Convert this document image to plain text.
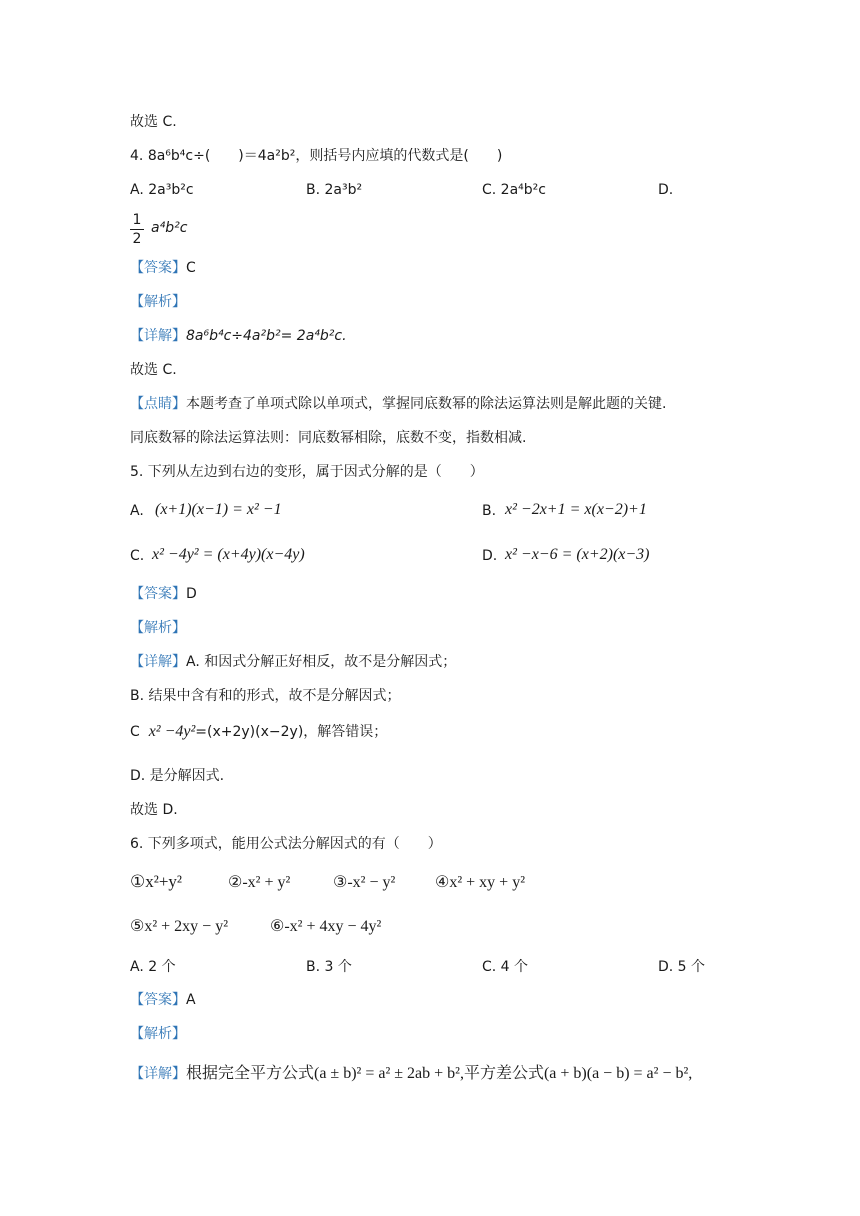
故选 C.
4. 8a⁶b⁴c÷(　　)＝4a²b²，则括号内应填的代数式是(　　)
A. 2a³b²c	B. 2a³b²	C. 2a⁴b²c	D.
1
2
a⁴b²c
【答案】C
【解析】
【详解】8a⁶b⁴c÷4a²b²= 2a⁴b²c.
故选 C.
【点睛】本题考查了单项式除以单项式，掌握同底数幂的除法运算法则是解此题的关键.
同底数幂的除法运算法则：同底数幂相除，底数不变，指数相减.
5. 下列从左边到右边的变形，属于因式分解的是（　　）
A. (x+1)(x−1) = x² −1	B. x² −2x+1 = x(x−2)+1
C. x² −4y² = (x+4y)(x−4y)	D. x² −x−6 = (x+2)(x−3)
【答案】D
【解析】
【详解】A. 和因式分解正好相反，故不是分解因式；
B. 结果中含有和的形式，故不是分解因式；
C x² −4y²=(x+2y)(x−2y)，解答错误；
D. 是分解因式.
故选 D.
6. 下列多项式，能用公式法分解因式的有（　　）
①x²+y²	②-x² + y²	③-x² − y² ④x² + xy + y²
⑤x² + 2xy − y²	⑥-x² + 4xy − 4y²
A. 2 个	B. 3 个	C. 4 个	D. 5 个
【答案】A
【解析】
【详解】根据完全平方公式(a ± b)² = a² ± 2ab + b²,平方差公式(a + b)(a − b) = a² − b²,
